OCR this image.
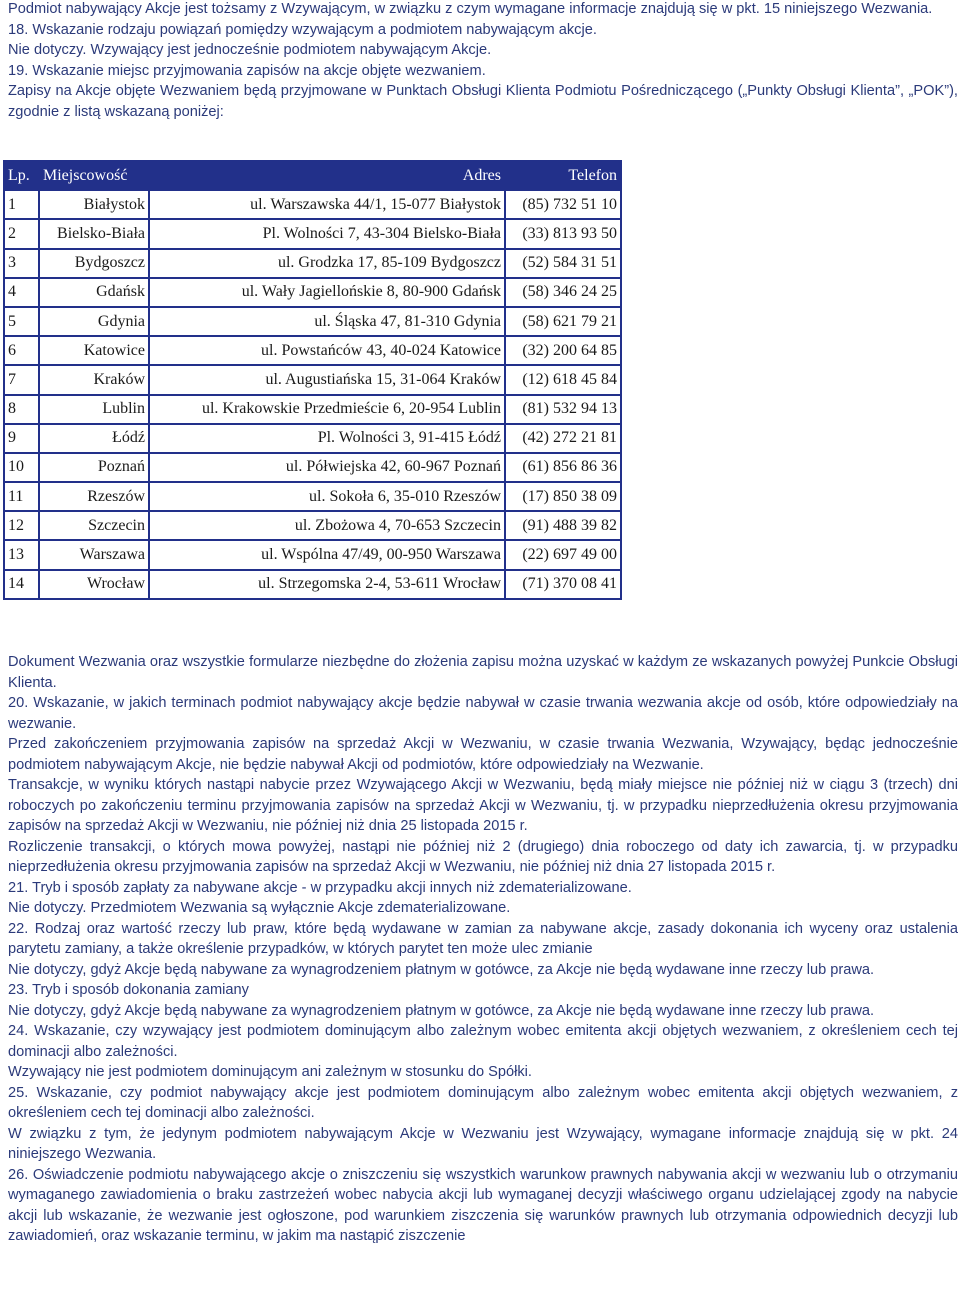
Podmiot nabywający Akcje jest tożsamy z Wzywającym, w związku z czym wymagane informacje znajdują się w pkt. 15 niniejszego Wezwania.

18. Wskazanie rodzaju powiązań pomiędzy wzywającym a podmiotem nabywającym akcje.

Nie dotyczy. Wzywający jest jednocześnie podmiotem nabywającym Akcje.

19. Wskazanie miejsc przyjmowania zapisów na akcje objęte wezwaniem.

Zapisy na Akcje objęte Wezwaniem będą przyjmowane w Punktach Obsługi Klienta Podmiotu Pośredniczącego („Punkty Obsługi Klienta”, „POK”), zgodnie z listą wskazaną poniżej:

Lp.	Miejscowość	Adres	Telefon
1	Białystok	ul. Warszawska 44/1, 15-077 Białystok	(85) 732 51 10
2	Bielsko-Biała	Pl. Wolności 7, 43-304 Bielsko-Biała	(33) 813 93 50
3	Bydgoszcz	ul. Grodzka 17, 85-109 Bydgoszcz	(52) 584 31 51
4	Gdańsk	ul. Wały Jagiellońskie 8, 80-900 Gdańsk	(58) 346 24 25
5	Gdynia	ul. Śląska 47, 81-310 Gdynia	(58) 621 79 21
6	Katowice	ul. Powstańców 43, 40-024 Katowice	(32) 200 64 85
7	Kraków	ul. Augustiańska 15, 31-064 Kraków	(12) 618 45 84
8	Lublin	ul. Krakowskie Przedmieście 6, 20-954 Lublin	(81) 532 94 13
9	Łódź	Pl. Wolności 3, 91-415 Łódź	(42) 272 21 81
10	Poznań	ul. Półwiejska 42, 60-967 Poznań	(61) 856 86 36
11	Rzeszów	ul. Sokoła 6, 35-010 Rzeszów	(17) 850 38 09
12	Szczecin	ul. Zbożowa 4, 70-653 Szczecin	(91) 488 39 82
13	Warszawa	ul. Wspólna 47/49, 00-950 Warszawa	(22) 697 49 00
14	Wrocław	ul. Strzegomska 2-4, 53-611 Wrocław	(71) 370 08 41

Dokument Wezwania oraz wszystkie formularze niezbędne do złożenia zapisu można uzyskać w każdym ze wskazanych powyżej Punkcie Obsługi Klienta.

20. Wskazanie, w jakich terminach podmiot nabywający akcje będzie nabywał w czasie trwania wezwania akcje od osób, które odpowiedziały na wezwanie.

Przed zakończeniem przyjmowania zapisów na sprzedaż Akcji w Wezwaniu, w czasie trwania Wezwania, Wzywający, będąc jednocześnie podmiotem nabywającym Akcje, nie będzie nabywał Akcji od podmiotów, które odpowiedziały na Wezwanie.

Transakcje, w wyniku których nastąpi nabycie przez Wzywającego Akcji w Wezwaniu, będą miały miejsce nie później niż w ciągu 3 (trzech) dni roboczych po zakończeniu terminu przyjmowania zapisów na sprzedaż Akcji w Wezwaniu, tj. w przypadku nieprzedłużenia okresu przyjmowania zapisów na sprzedaż Akcji w Wezwaniu, nie później niż dnia 25 listopada 2015 r.

Rozliczenie transakcji, o których mowa powyżej, nastąpi nie później niż 2 (drugiego) dnia roboczego od daty ich zawarcia, tj. w przypadku nieprzedłużenia okresu przyjmowania zapisów na sprzedaż Akcji w Wezwaniu, nie później niż dnia 27 listopada 2015 r.

21. Tryb i sposób zapłaty za nabywane akcje - w przypadku akcji innych niż zdematerializowane.

Nie dotyczy. Przedmiotem Wezwania są wyłącznie Akcje zdematerializowane.

22. Rodzaj oraz wartość rzeczy lub praw, które będą wydawane w zamian za nabywane akcje, zasady dokonania ich wyceny oraz ustalenia parytetu zamiany, a także określenie przypadków, w których parytet ten może ulec zmianie

Nie dotyczy, gdyż Akcje będą nabywane za wynagrodzeniem płatnym w gotówce, za Akcje nie będą wydawane inne rzeczy lub prawa.

23. Tryb i sposób dokonania zamiany

Nie dotyczy, gdyż Akcje będą nabywane za wynagrodzeniem płatnym w gotówce, za Akcje nie będą wydawane inne rzeczy lub prawa.

24. Wskazanie, czy wzywający jest podmiotem dominującym albo zależnym wobec emitenta akcji objętych wezwaniem, z określeniem cech tej dominacji albo zależności.

Wzywający nie jest podmiotem dominującym ani zależnym w stosunku do Spółki.

25. Wskazanie, czy podmiot nabywający akcje jest podmiotem dominującym albo zależnym wobec emitenta akcji objętych wezwaniem, z określeniem cech tej dominacji albo zależności.

W związku z tym, że jedynym podmiotem nabywającym Akcje w Wezwaniu jest Wzywający, wymagane informacje znajdują się w pkt. 24 niniejszego Wezwania.

26. Oświadczenie podmiotu nabywającego akcje o zniszczeniu się wszystkich warunkow prawnych nabywania akcji w wezwaniu lub o otrzymaniu wymaganego zawiadomienia o braku zastrzeżeń wobec nabycia akcji lub wymaganej decyzji właściwego organu udzielającej zgody na nabycie akcji lub wskazanie, że wezwanie jest ogłoszone, pod warunkiem ziszczenia się warunków prawnych lub otrzymania odpowiednich decyzji lub zawiadomień, oraz wskazanie terminu, w jakim ma nastąpić ziszczenie
